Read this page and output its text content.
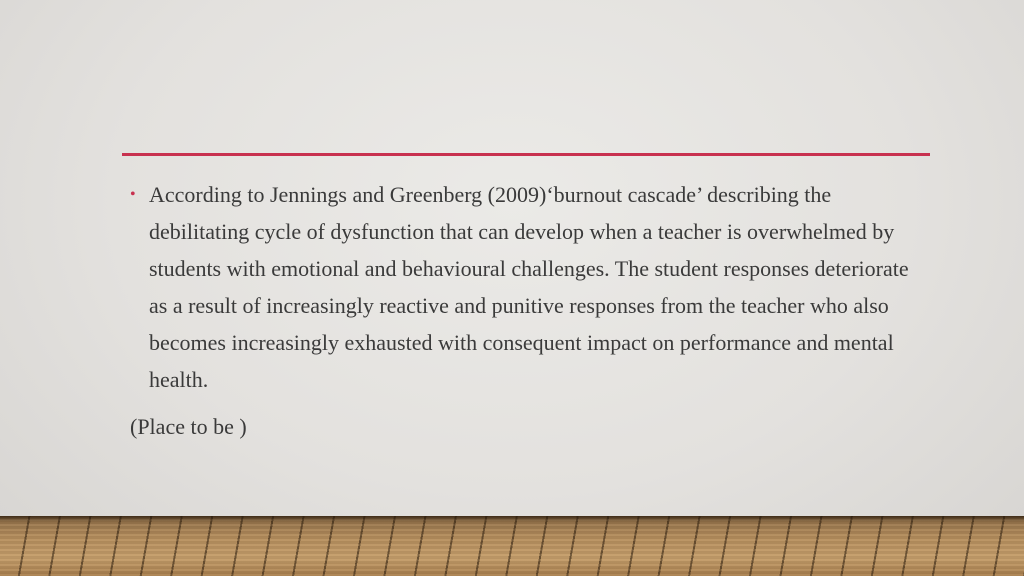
• According to Jennings and Greenberg (2009)‘burnout cascade’ describing the debilitating cycle of dysfunction that can develop when a teacher is overwhelmed by students with emotional and behavioural challenges. The student responses deteriorate as a result of increasingly reactive and punitive responses from the teacher who also becomes increasingly exhausted with consequent impact on performance and mental health.
(Place to be )
